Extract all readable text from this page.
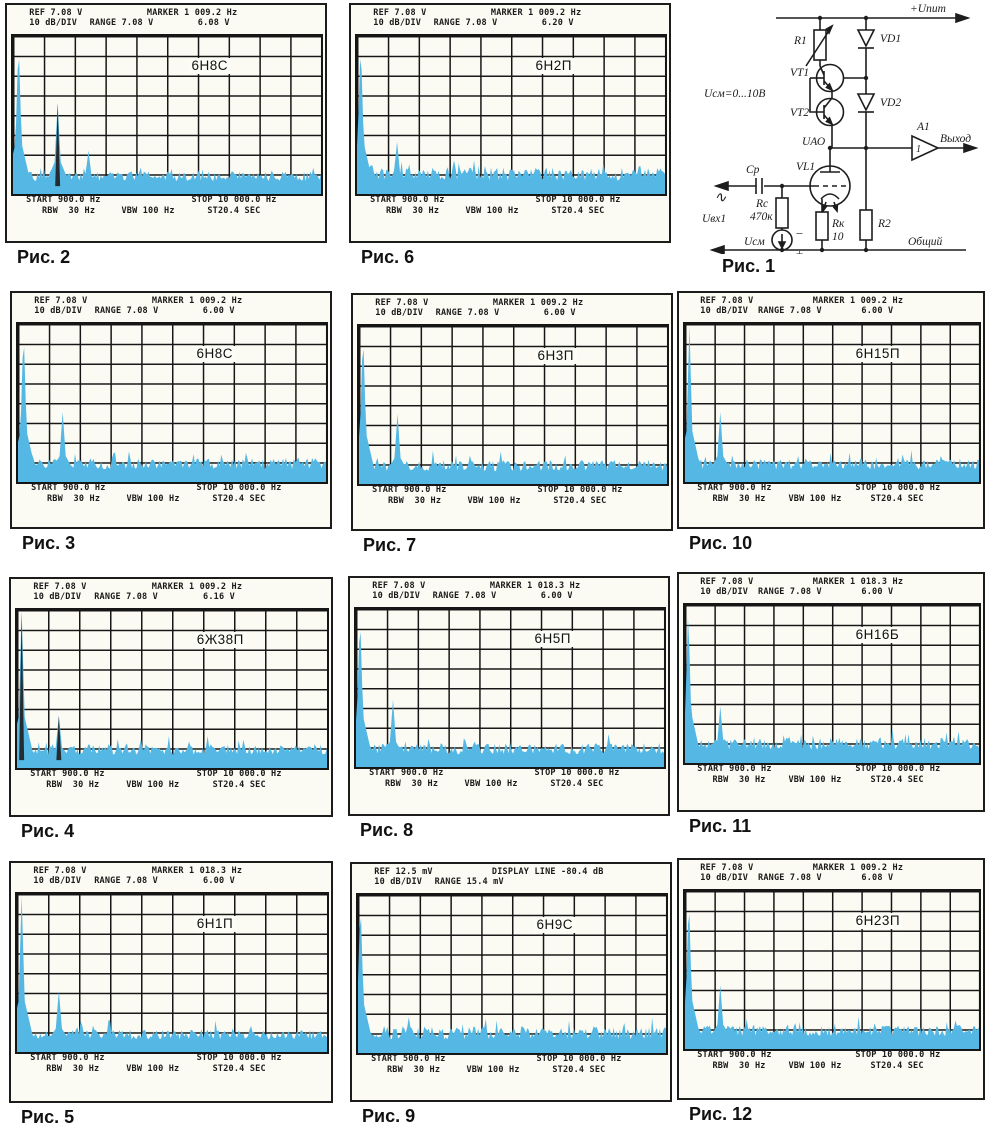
REF 7.08 V
10 dB/DIV RANGE 7.08 V
MARKER 1 009.2 Hz
6.08 V
6Н8С
START 900.0 Hz	STOP 10 000.0 Hz
RBW  30 Hz	VBW 100 Hz	ST20.4 SEC
Рис. 2
REF 7.08 V
10 dB/DIV RANGE 7.08 V
MARKER 1 009.2 Hz
6.20 V
6Н2П
START 900.0 Hz	STOP 10 000.0 Hz
RBW  30 Hz	VBW 100 Hz	ST20.4 SEC
Рис. 6
REF 7.08 V
10 dB/DIV RANGE 7.08 V
MARKER 1 009.2 Hz
6.00 V
6Н8С
START 900.0 Hz	STOP 10 000.0 Hz
RBW  30 Hz	VBW 100 Hz	ST20.4 SEC
Рис. 3
REF 7.08 V
10 dB/DIV RANGE 7.08 V
MARKER 1 009.2 Hz
6.00 V
6Н3П
START 900.0 Hz	STOP 10 000.0 Hz
RBW  30 Hz	VBW 100 Hz	ST20.4 SEC
Рис. 7
REF 7.08 V
10 dB/DIV RANGE 7.08 V
MARKER 1 009.2 Hz
6.00 V
6Н15П
START 900.0 Hz	STOP 10 000.0 Hz
RBW  30 Hz	VBW 100 Hz	ST20.4 SEC
Рис. 10
REF 7.08 V
10 dB/DIV RANGE 7.08 V
MARKER 1 009.2 Hz
6.16 V
6Ж38П
START 900.0 Hz	STOP 10 000.0 Hz
RBW  30 Hz	VBW 100 Hz	ST20.4 SEC
Рис. 4
REF 7.08 V
10 dB/DIV RANGE 7.08 V
MARKER 1 018.3 Hz
6.00 V
6Н5П
START 900.0 Hz	STOP 10 000.0 Hz
RBW  30 Hz	VBW 100 Hz	ST20.4 SEC
Рис. 8
REF 7.08 V
10 dB/DIV RANGE 7.08 V
MARKER 1 018.3 Hz
6.00 V
6Н16Б
START 900.0 Hz	STOP 10 000.0 Hz
RBW  30 Hz	VBW 100 Hz	ST20.4 SEC
Рис. 11
REF 7.08 V
10 dB/DIV RANGE 7.08 V
MARKER 1 018.3 Hz
6.00 V
6Н1П
START 900.0 Hz	STOP 10 000.0 Hz
RBW  30 Hz	VBW 100 Hz	ST20.4 SEC
Рис. 5
REF 12.5 mV
10 dB/DIV RANGE 15.4 mV
DISPLAY LINE -80.4 dB
6Н9С
START 500.0 Hz	STOP 10 000.0 Hz
RBW  30 Hz	VBW 100 Hz	ST20.4 SEC
Рис. 9
REF 7.08 V
10 dB/DIV RANGE 7.08 V
MARKER 1 009.2 Hz
6.08 V
6Н23П
START 900.0 Hz	STOP 10 000.0 Hz
RBW  30 Hz	VBW 100 Hz	ST20.4 SEC
Рис. 12
+Uпит
R1	VD1
VT1
VD2
VT2
Uсм=0...10В
UАО
VL1
A1
1
Выход
Cр
Rс
470к
Uвх1
∿
Uсм
−
+
Rк
10
R2
Общий
Рис. 1
